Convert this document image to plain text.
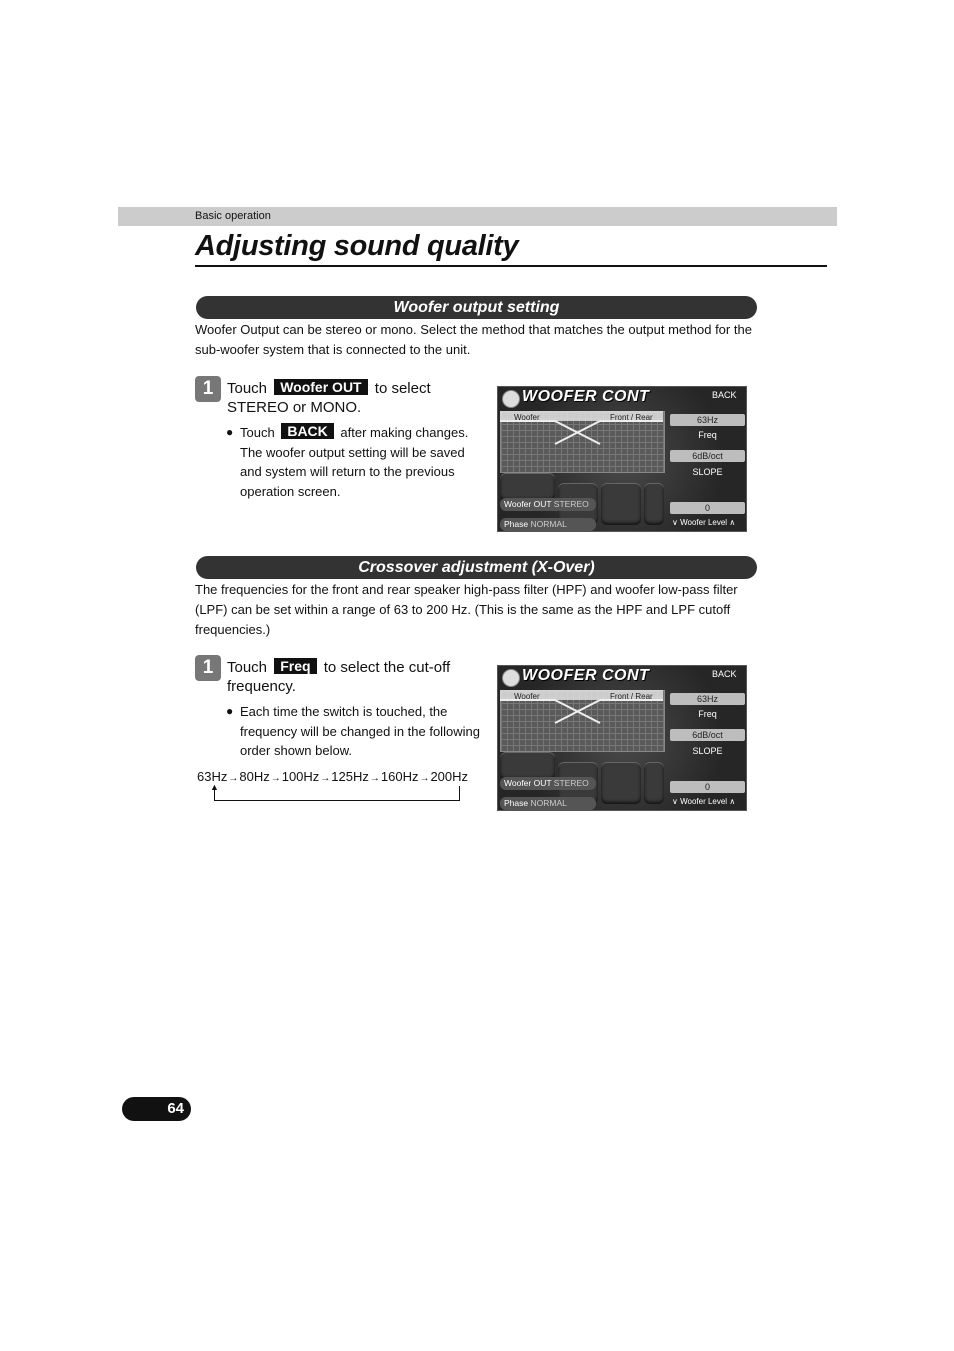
Basic operation
Adjusting sound quality
Woofer output setting
Woofer Output can be stereo or mono. Select the method that matches the output method for the sub-woofer system that is connected to the unit.
1 Touch Woofer OUT to select STEREO or MONO.
● Touch BACK after making changes. The woofer output setting will be saved and system will return to the previous operation screen.
WOOFER CONT	BACK
Woofer	Front / Rear	63Hz
Freq
6dB/oct
SLOPE
Woofer OUT STEREO
Phase NORMAL
0
∨ Woofer Level ∧
Crossover adjustment (X-Over)
The frequencies for the front and rear speaker high-pass filter (HPF) and woofer low-pass filter (LPF) can be set within a range of 63 to 200 Hz. (This is the same as the HPF and LPF cutoff frequencies.)
1 Touch Freq to select the cut-off frequency.
● Each time the switch is touched, the frequency will be changed in the following order shown below.
63Hz→80Hz→100Hz→125Hz→160Hz→200Hz
▲
WOOFER CONT	BACK
Woofer	Front / Rear	63Hz
Freq
6dB/oct
SLOPE
Woofer OUT STEREO
Phase NORMAL
0
∨ Woofer Level ∧
64
